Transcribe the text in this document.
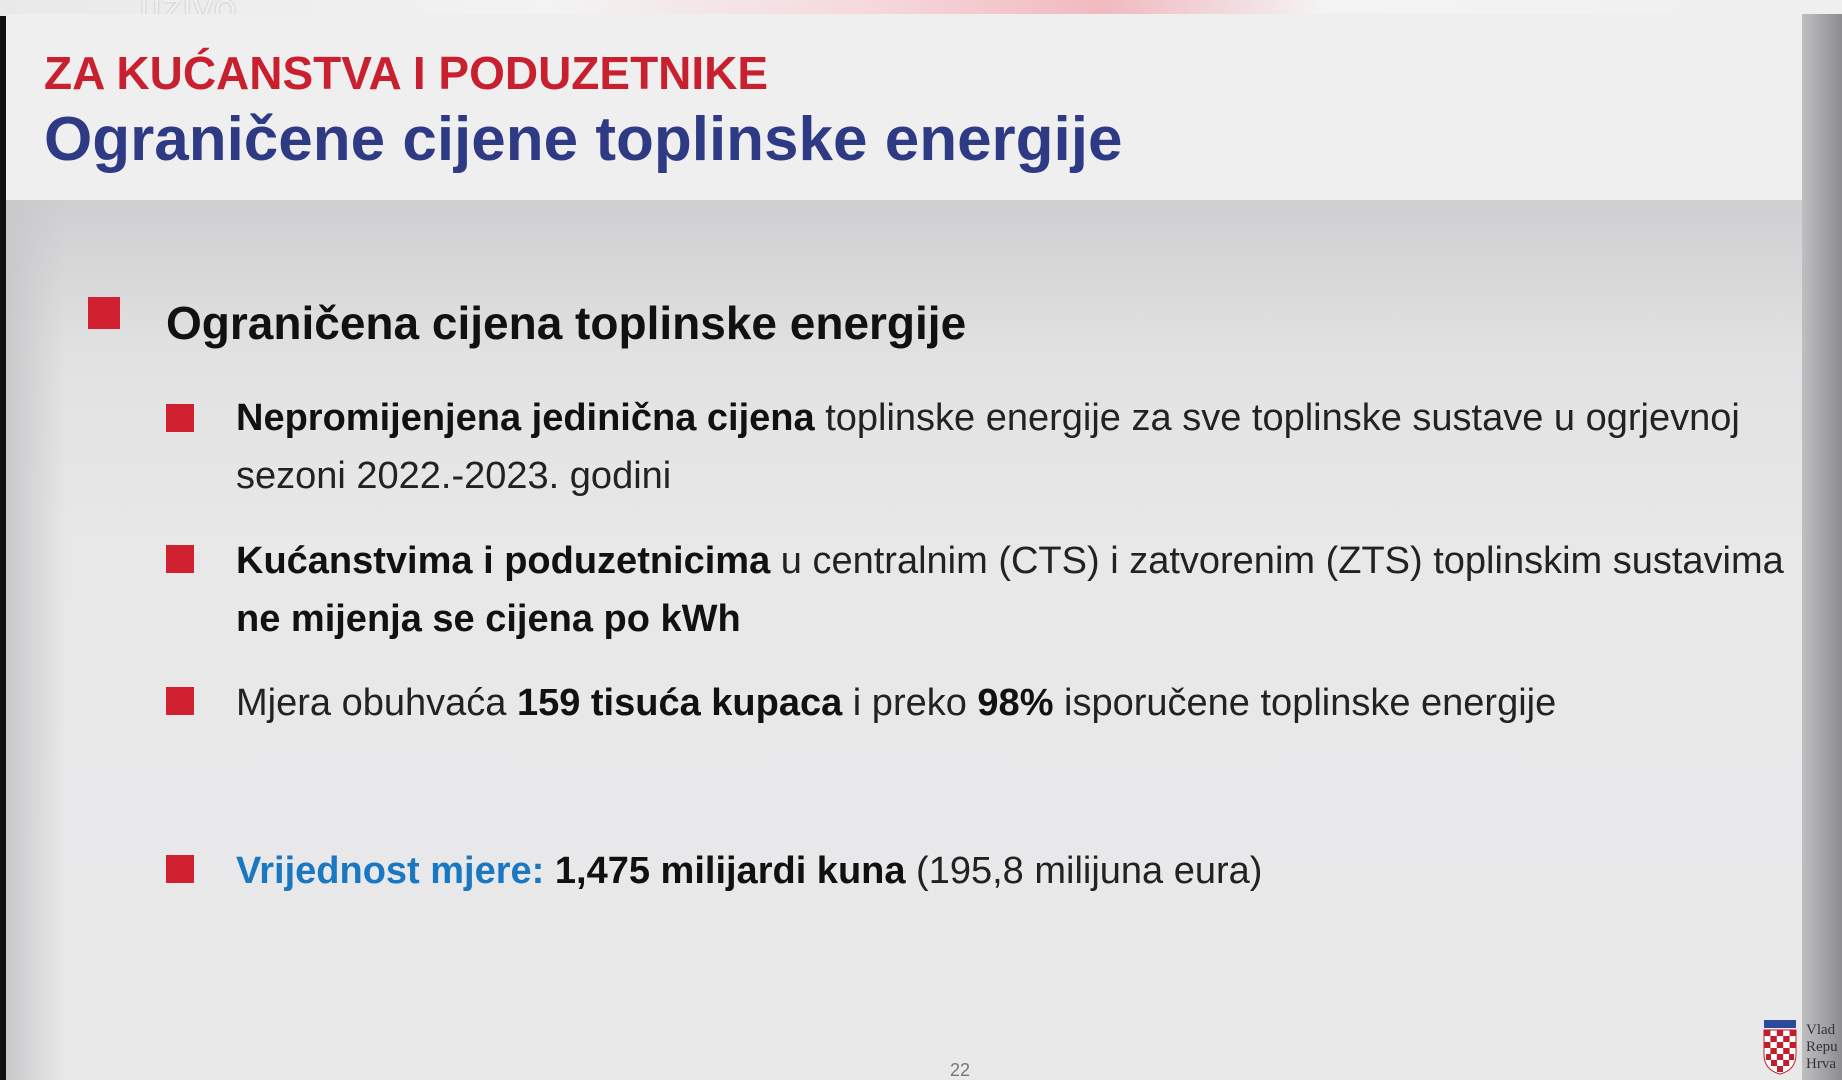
ZA KUĆANSTVA I PODUZETNIKE
Ograničene cijene toplinske energije
Ograničena cijena toplinske energije
Nepromijenjena jedinična cijena toplinske energije za sve toplinske sustave u ogrjevnoj sezoni 2022.-2023. godini
Kućanstvima i poduzetnicima u centralnim (CTS) i zatvorenim (ZTS) toplinskim sustavima ne mijenja se cijena po kWh
Mjera obuhvaća 159 tisuća kupaca i preko 98% isporučene toplinske energije
Vrijednost mjere: 1,475 milijardi kuna (195,8 milijuna eura)
22
Vlad
Repu
Hrva
